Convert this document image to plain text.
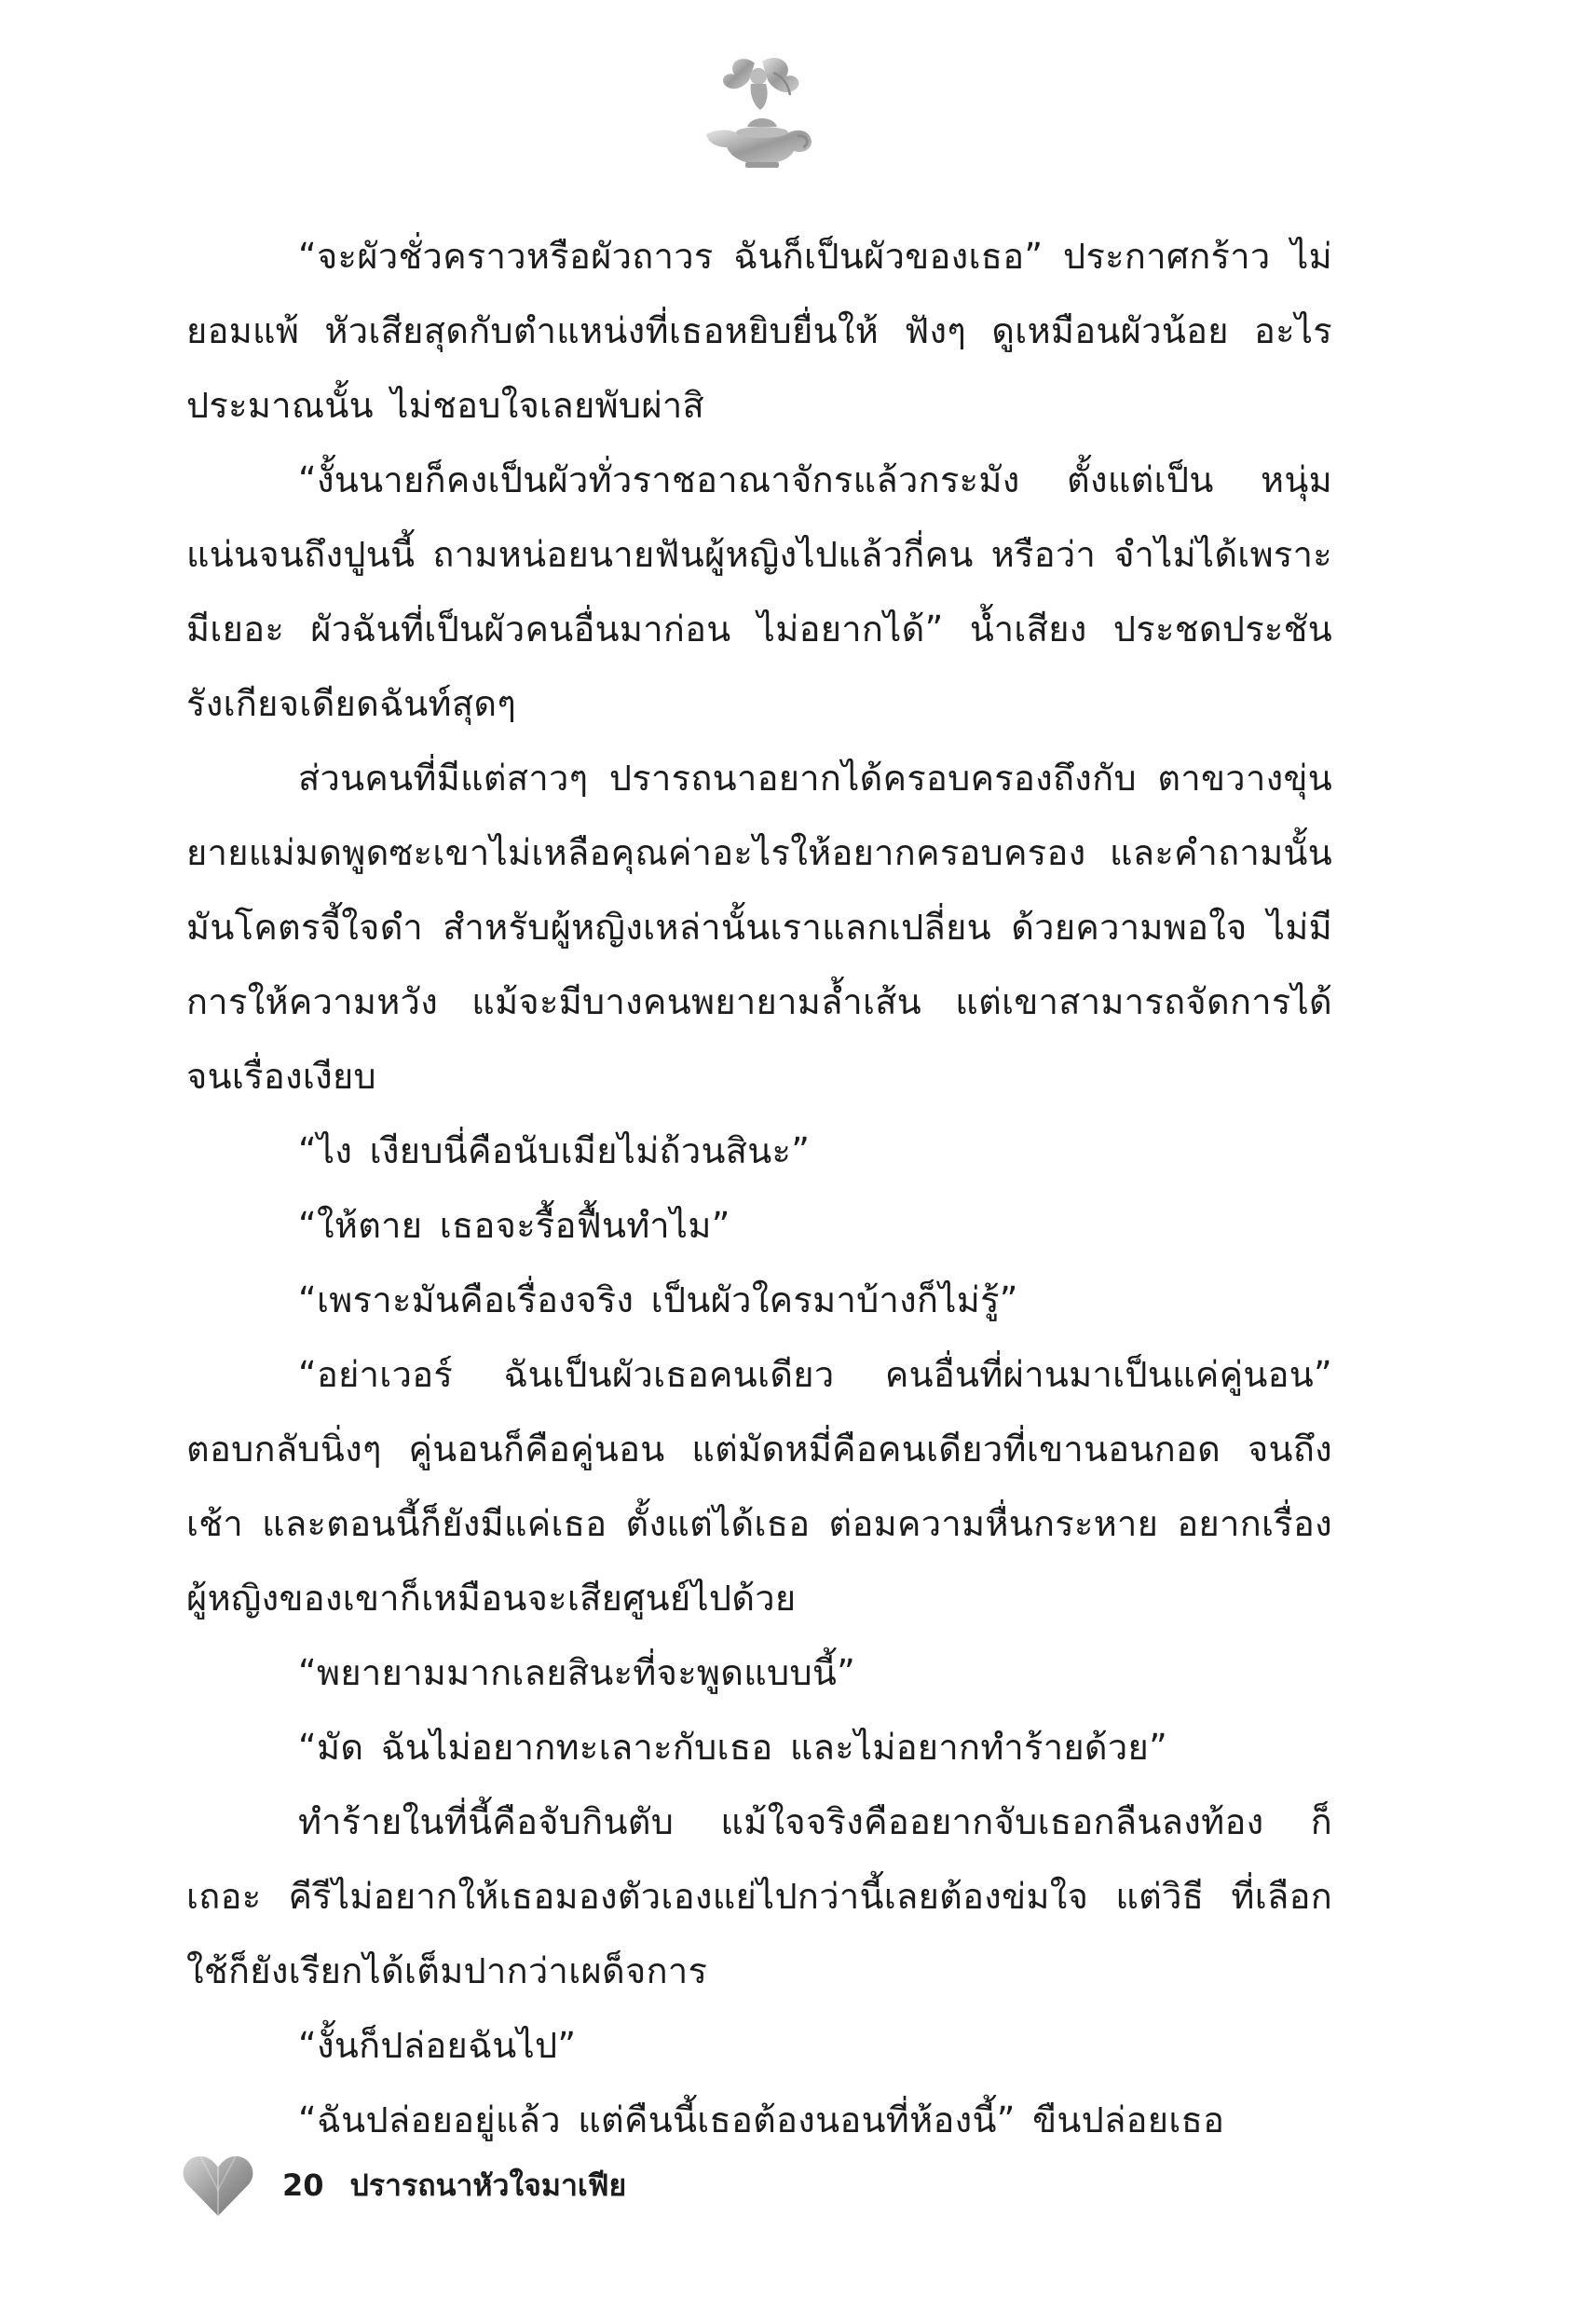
“จะผัวชั่วคราวหรือผัวถาวร ฉันก็เป็นผัวของเธอ” ประกาศกร้าว ไม่ยอมแพ้ หัวเสียสุดกับตำแหน่งที่เธอหยิบยื่นให้ ฟังๆ ดูเหมือนผัวน้อย อะไรประมาณนั้น ไม่ชอบใจเลยพับผ่าสิ

“งั้นนายก็คงเป็นผัวทั่วราชอาณาจักรแล้วกระมัง ตั้งแต่เป็น หนุ่มแน่นจนถึงปูนนี้ ถามหน่อยนายฟันผู้หญิงไปแล้วกี่คน หรือว่า จำไม่ได้เพราะมีเยอะ ผัวฉันที่เป็นผัวคนอื่นมาก่อน ไม่อยากได้” น้ำเสียง ประชดประชันรังเกียจเดียดฉันท์สุดๆ

ส่วนคนที่มีแต่สาวๆ ปรารถนาอยากได้ครอบครองถึงกับ ตาขวางขุ่น ยายแม่มดพูดซะเขาไม่เหลือคุณค่าอะไรให้อยากครอบครอง และคำถามนั้นมันโคตรจี้ใจดำ สำหรับผู้หญิงเหล่านั้นเราแลกเปลี่ยน ด้วยความพอใจ ไม่มีการให้ความหวัง แม้จะมีบางคนพยายามล้ำเส้น แต่เขาสามารถจัดการได้จนเรื่องเงียบ

“ไง เงียบนี่คือนับเมียไม่ถ้วนสินะ”

“ให้ตาย เธอจะรื้อฟื้นทำไม”

“เพราะมันคือเรื่องจริง เป็นผัวใครมาบ้างก็ไม่รู้”

“อย่าเวอร์ ฉันเป็นผัวเธอคนเดียว คนอื่นที่ผ่านมาเป็นแค่คู่นอน” ตอบกลับนิ่งๆ คู่นอนก็คือคู่นอน แต่มัดหมี่คือคนเดียวที่เขานอนกอด จนถึงเช้า และตอนนี้ก็ยังมีแค่เธอ ตั้งแต่ได้เธอ ต่อมความหื่นกระหาย อยากเรื่องผู้หญิงของเขาก็เหมือนจะเสียศูนย์ไปด้วย

“พยายามมากเลยสินะที่จะพูดแบบนี้”

“มัด ฉันไม่อยากทะเลาะกับเธอ และไม่อยากทำร้ายด้วย”

ทำร้ายในที่นี้คือจับกินตับ แม้ใจจริงคืออยากจับเธอกลืนลงท้อง ก็เถอะ คีรีไม่อยากให้เธอมองตัวเองแย่ไปกว่านี้เลยต้องข่มใจ แต่วิธี ที่เลือกใช้ก็ยังเรียกได้เต็มปากว่าเผด็จการ

“งั้นก็ปล่อยฉันไป”

“ฉันปล่อยอยู่แล้ว แต่คืนนี้เธอต้องนอนที่ห้องนี้” ขืนปล่อยเธอ

20 ปรารถนาหัวใจมาเฟีย
